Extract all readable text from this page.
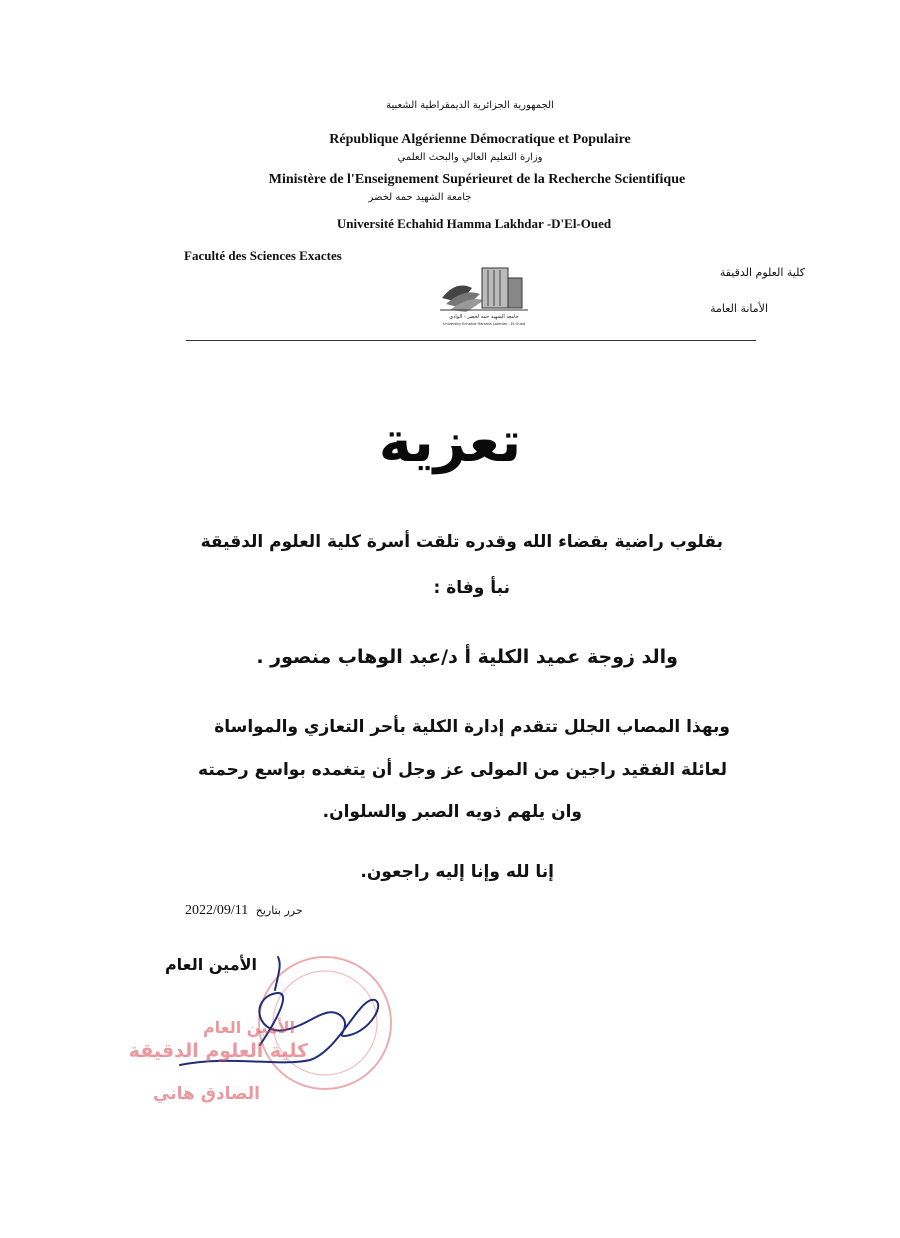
الجمهورية الجزائرية الديمقراطية الشعبية
République Algérienne Démocratique et Populaire
وزارة التعليم العالي والبحث العلمي
Ministère de l'Enseignement Supérieuret de la Recherche Scientifique
جامعة الشهيد حمه لخضر
Université Echahid Hamma Lakhdar -D'El-Oued
Faculté des Sciences Exactes
كلية العلوم الدقيقة
الأمانة العامة
جامعة الشهيد حمه لخضر - الوادي
University Echahid Hamma Lakhdar - El-Oued
تعزية
بقلوب راضية بقضاء الله وقدره تلقت أسرة كلية العلوم الدقيقة
نبأ وفاة :
والد زوجة عميد الكلية أ د/عبد الوهاب منصور .
وبهذا المصاب الجلل تتقدم إدارة الكلية بأحر التعازي والمواساة
لعائلة الفقيد راجين من المولى عز وجل أن يتغمده بواسع رحمته
وان يلهم ذويه الصبر والسلوان.
إنا لله وإنا إليه راجعون.
2022/09/11 حرر بتاريخ
الأمين العام
الأمين العام
كلية العلوم الدقيقة
الصادق هاني
